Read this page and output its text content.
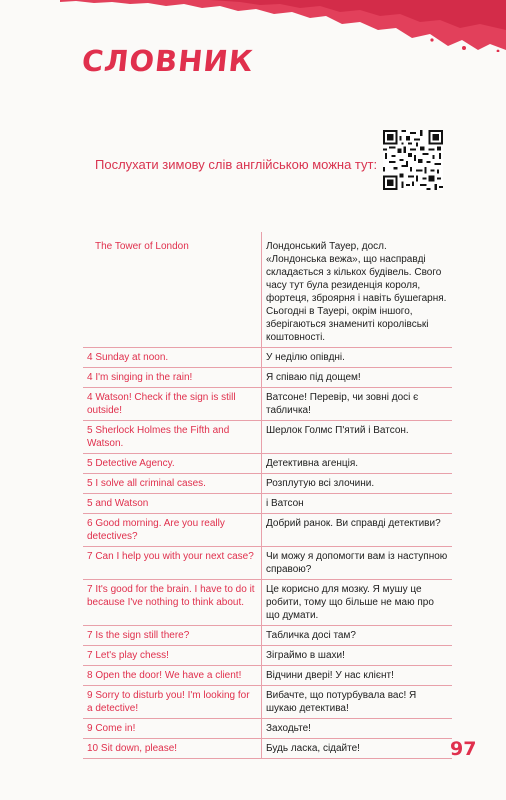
СЛОВНИК
Послухати зимову слів англійською можна тут:
The Tower of London	Лондонський Тауер, досл. «Лондонська вежа», що насправді складається з кількох будівель. Свого часу тут була резиденція короля, фортеця, зброярня і навіть бушегарня. Сьогодні в Тауері, окрім іншого, зберігаються знамениті королівські коштовності.
4 Sunday at noon.	У неділю опівдні.
4 I'm singing in the rain!	Я співаю під дощем!
4 Watson! Check if the sign is still outside!	Ватсоне! Перевір, чи зовні досі є табличка!
5 Sherlock Holmes the Fifth and Watson.	Шерлок Голмс П'ятий і Ватсон.
5 Detective Agency.	Детективна агенція.
5 I solve all criminal cases.	Розплутую всі злочини.
5 and Watson	і Ватсон
6 Good morning. Are you really detectives?	Добрий ранок. Ви справді детективи?
7 Can I help you with your next case?	Чи можу я допомогти вам із наступною справою?
7 It's good for the brain. I have to do it because I've nothing to think about.	Це корисно для мозку. Я мушу це робити, тому що більше не маю про що думати.
7 Is the sign still there?	Табличка досі там?
7 Let's play chess!	Зіграймо в шахи!
8 Open the door! We have a client!	Відчини двері! У нас клієнт!
9 Sorry to disturb you! I'm looking for a detective!	Вибачте, що потурбувала вас! Я шукаю детектива!
9 Come in!	Заходьте!
10 Sit down, please!	Будь ласка, сідайте!	97
